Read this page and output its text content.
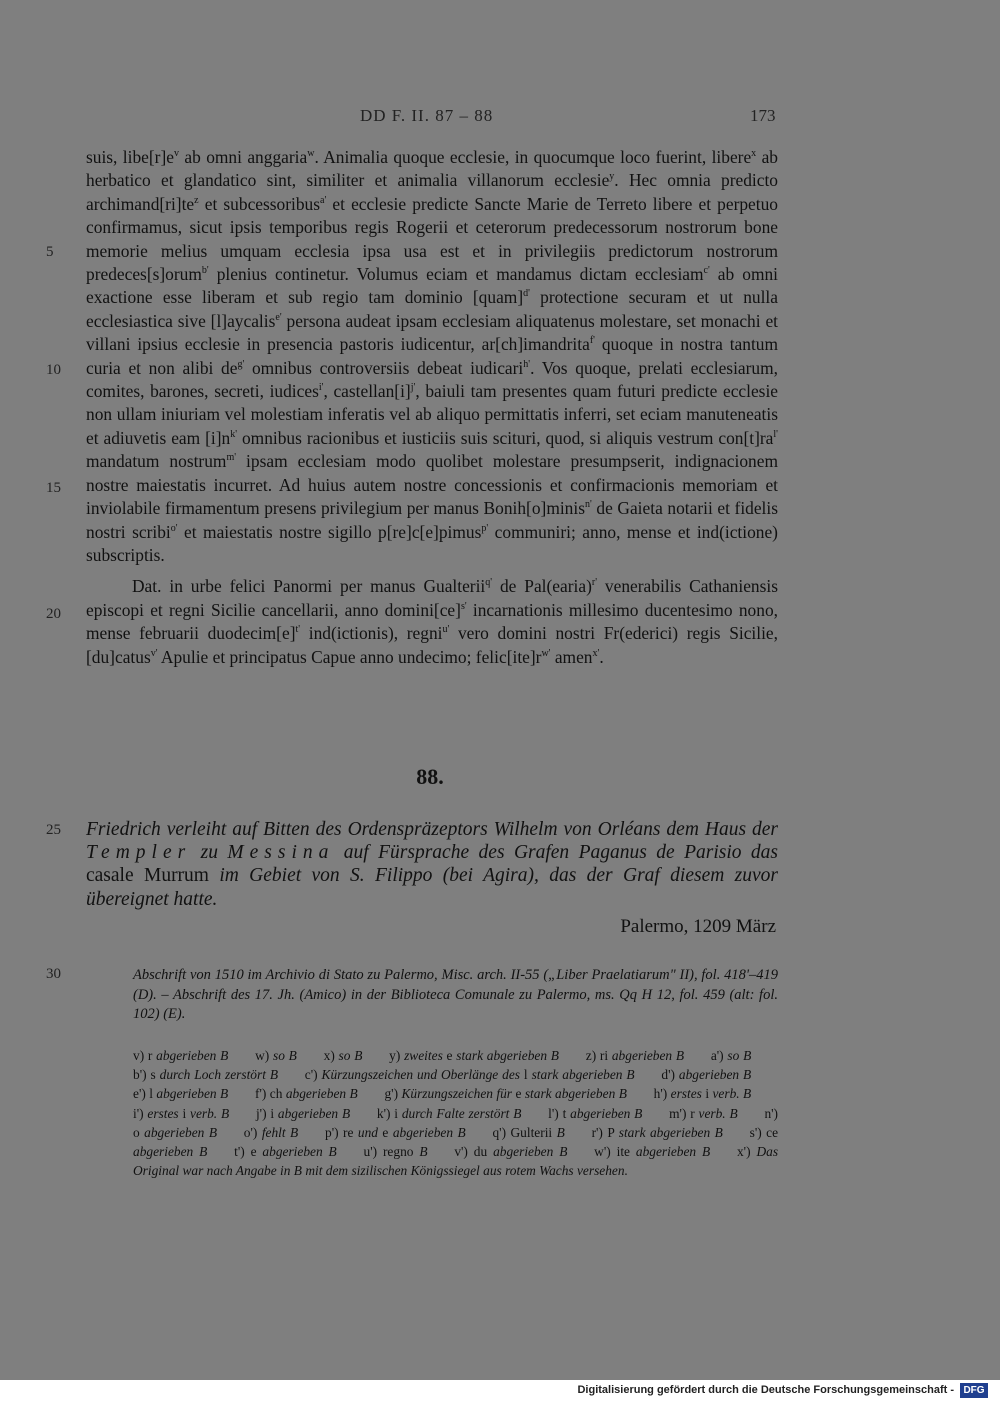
DD F. II. 87 – 88	173
5
10
15
20
25
30

suis, $libe[r]e^v$ ab omni anggaria$^w$. Animalia quoque ecclesie, in quocumque loco fuerint, libere$^x$ ab herbatico et glandatico sint, similiter et animalia villanorum ecclesie$^y$. Hec omnia predicto $archimand[ri]te^z$ et subcessoribus$^{a'}$ et ecclesie predicte Sancte Marie de Terreto libere et perpetuo confirmamus, sicut ipsis temporibus regis Rogerii et ceterorum predecessorum nostrorum bone memorie melius umquam ecclesia ipsa usa est et in privilegiis predictorum nostrorum predeces[s]orum$^{b'}$ plenius continetur. Volumus eciam et mandamus dictam ecclesiam$^{c'}$ ab omni exactione esse liberam et sub regio tam dominio [quam]$^{d'}$ protectione securam et ut nulla ecclesiastica sive [l]aycalis$^{e'}$ persona audeat ipsam ecclesiam aliquatenus molestare, set monachi et villani ipsius ecclesie in presencia pastoris iudicentur, ar[ch]imandrita$^{f'}$ quoque in nostra tantum curia et non alibi $de^{g'}$ omnibus controversiis debeat iudicari$^{h'}$. Vos quoque, prelati ecclesiarum, comites, barones, secreti, iudices$^{i'}$, $castellan[i]^{j'}$, baiuli tam presentes quam futuri predicte ecclesie non ullam iniuriam vel molestiam inferatis vel ab aliquo permittatis inferri, set eciam manuteneatis et adiuvetis eam $[i]n^{k'}$ omnibus racionibus et iusticiis suis scituri, quod, si aliquis vestrum $con[t]ra^{l'}$ mandatum nostrum$^{m'}$ ipsam ecclesiam modo quolibet molestare presumpserit, indignacionem nostre maiestatis incurret. Ad huius autem nostre concessionis et confirmacionis memoriam et inviolabile firmamentum presens privilegium per manus Bonih[o]minis$^{n'}$ de Gaieta notarii et fidelis nostri scribi$^{o'}$ et maiestatis nostre sigillo p[re]c[e]pimus$^{p'}$ communiri; anno, mense et ind(ictione) subscriptis.

Dat. in urbe felici Panormi per manus Gualterii$^{q'}$ de Pal(earia)$^{r'}$ venerabilis Cathaniensis episcopi et regni Sicilie cancellarii, anno domini[ce]$^{s'}$ incarnationis millesimo ducentesimo nono, mense februarii $duodecim[e]^{t'}$ ind(ictionis), regni$^{u'}$ vero domini nostri Fr(ederici) regis Sicilie, [du]catus$^{v'}$ Apulie et principatus Capue anno undecimo; $felic[ite]r^{w'}$ amen$^{x'}$.

88.
Friedrich verleiht auf Bitten des Ordenspräzeptors Wilhelm von Orléans dem Haus der Templer zu Messina auf Fürsprache des Grafen Paganus de Parisio das casale Murrum im Gebiet von S. Filippo (bei Agira), das der Graf diesem zuvor übereignet hatte.
Palermo, 1209 März
Abschrift von 1510 im Archivio di Stato zu Palermo, Misc. arch. II-55 („Liber Praelatiarum" II), fol. 418'–419 (D). – Abschrift des 17. Jh. (Amico) in der Biblioteca Comunale zu Palermo, ms. Qq H 12, fol. 459 (alt: fol. 102) (E).
v) r abgerieben B   w) so B   x) so B   y) zweites e stark abgerieben B   z) ri abgerieben B   a') so B  b') s durch Loch zerstört B   c') Kürzungszeichen und Oberlänge des l stark abgerieben B   d') abgerieben B  e') l abgerieben B   f') ch abgerieben B   g') Kürzungszeichen für e stark abgerieben B   h') erstes i verb. B  i') erstes i verb. B   j') i abgerieben B   k') i durch Falte zerstört B   l') t abgerieben B   m') r verb. B   n') o abgerieben B   o') fehlt B   p') re und e abgerieben B   q') Gulterii B   r') P stark abgerieben B   s') ce abgerieben B   t') e abgerieben B   u') regno B   v') du abgerieben B   w') ite abgerieben B   x') Das Original war nach Angabe in B mit dem sizilischen Königssiegel aus rotem Wachs versehen.
Digitalisierung gefördert durch die Deutsche Forschungsgemeinschaft - DFG
